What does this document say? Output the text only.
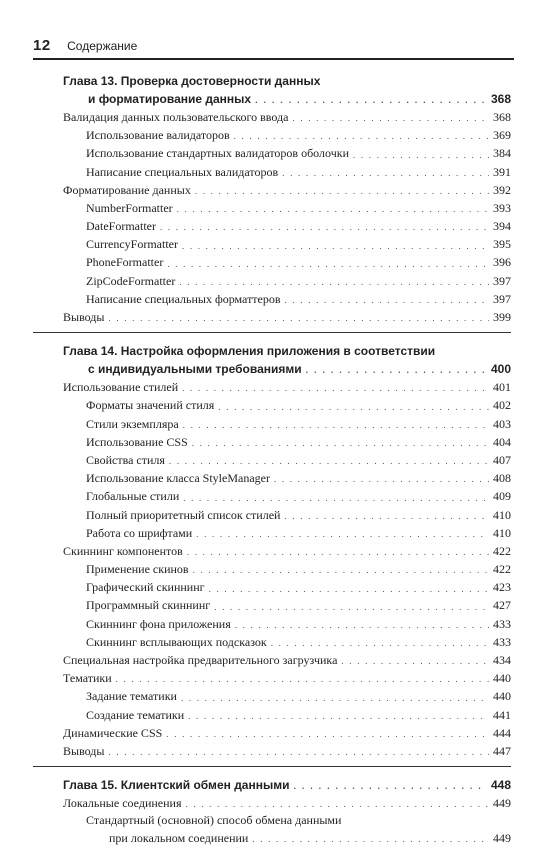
12 Содержание
Глава 13. Проверка достоверности данных
и форматирование данных . . .	368
Валидация данных пользовательского ввода . . .	368
Использование валидаторов . . .	369
Использование стандартных валидаторов оболочки . . .	384
Написание специальных валидаторов . . .	391
Форматирование данных . . .	392
NumberFormatter . . .	393
DateFormatter . . .	394
CurrencyFormatter . . .	395
PhoneFormatter . . .	396
ZipCodeFormatter . . .	397
Написание специальных форматтеров . . .	397
Выводы . . .	399
Глава 14. Настройка оформления приложения в соответствии
с индивидуальными требованиями . . .	400
Использование стилей . . .	401
Форматы значений стиля . . .	402
Стили экземпляра . . .	403
Использование CSS . . .	404
Свойства стиля . . .	407
Использование класса StyleManager . . .	408
Глобальные стили . . .	409
Полный приоритетный список стилей . . .	410
Работа со шрифтами . . .	410
Скиннинг компонентов . . .	422
Применение скинов . . .	422
Графический скиннинг . . .	423
Программный скиннинг . . .	427
Скиннинг фона приложения . . .	433
Скиннинг всплывающих подсказок . . .	433
Специальная настройка предварительного загрузчика . . .	434
Тематики . . .	440
Задание тематики . . .	440
Создание тематики . . .	441
Динамические CSS . . .	444
Выводы . . .	447
Глава 15. Клиентский обмен данными . . .	448
Локальные соединения . . .	449
Стандартный (основной) способ обмена данными
при локальном соединении . . .	449
